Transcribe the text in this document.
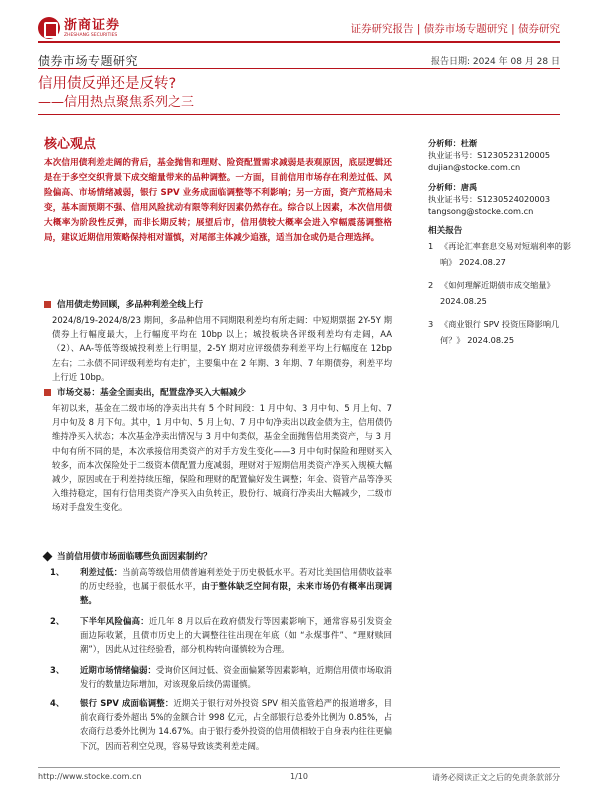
浙商证券
ZHESHANG SECURITIES	证券研究报告 | 债券市场专题研究 | 债券研究
债券市场专题研究	报告日期: 2024 年 08 月 28 日
信用债反弹还是反转?
——信用热点聚焦系列之三
核心观点
本次信用债利差走阔的背后，基金抛售和理财、险资配置需求减弱是表观原因，底层逻辑还是在于多空交织背景下成交缩量带来的品种调整。一方面，目前信用市场存在利差过低、风险偏高、市场情绪减弱，银行 SPV 业务成面临调整等不利影响；另一方面，资产荒格局未变，基本面预期不强、信用风险扰动有限等利好因素仍然存在。综合以上因素，本次信用债大概率为阶段性反弹，而非长期反转；展望后市，信用债较大概率会进入窄幅震荡调整格局，建议近期信用策略保持相对谨慎，对尾部主体减少追涨，适当加仓或仍是合理选择。
信用债走势回顾，多品种利差全线上行
2024/8/19-2024/8/23 期间，多品种信用不同期限利差均有所走阔：中短期票据 2Y-5Y 期债券上行幅度最大，上行幅度平均在 10bp 以上；城投板块各评级利差均有走阔，AA（2）、AA-等低等级城投利差上行明显，2-5Y 期对应评级债券利差平均上行幅度在 12bp 左右；二永债不同评级利差均有走扩，主要集中在 2 年期、3 年期、7 年期债券，利差平均上行近 10bp。
市场交易：基金全面卖出，配置盘净买入大幅减少
年初以来，基金在二级市场的净卖出共有 5 个时间段：1 月中旬、3 月中旬、5 月上旬、7 月中旬及 8 月下旬。其中，1 月中旬、5 月上旬、7 月中旬净卖出以政金债为主，信用债仍维持净买入状态；本次基金净卖出情况与 3 月中旬类似，基金全面抛售信用类资产，与 3 月中旬有所不同的是，本次承接信用类资产的对手方发生变化——3 月中旬时保险和理财买入较多，而本次保险处于二级资本债配置力度减弱，理财对于短期信用类资产净买入规模大幅减少，原因或在于利差持续压缩，保险和理财的配置偏好发生调整；年金、资管产品等净买入维持稳定，国有行信用类资产净买入由负转正，股份行、城商行净卖出大幅减少，二级市场对手盘发生变化。
当前信用债市场面临哪些负面因素制约？
1、	利差过低：当前高等级信用债普遍利差处于历史极低水平。若对比美国信用债收益率的历史经验，也属于很低水平，由于整体缺乏空间有限，未来市场仍有概率出现调整。
2、	下半年风险偏高：近几年 8 月以后在政府债发行等因素影响下，通常容易引发资金面边际收紧，且债市历史上的大调整往往出现在年底（如 “永煤事件”、“理财赎回潮”），因此从过往经验看，部分机构转向谨慎较为合理。
3、	近期市场情绪偏弱：受询价区间过低、资金面偏紧等因素影响，近期信用债市场取消发行的数量边际增加，对该现象后续仍需谨慎。
4、	银行 SPV 成面临调整：近期关于银行对外投资 SPV 相关监管趋严的报道增多，目前农商行委外超出 5%的金额合计 998 亿元，占全部银行总委外比例为 0.85%，占农商行总委外比例为 14.67%。由于银行委外投资的信用债相较于自身表内往往更偏下沉，因而若利空兑现，容易导致该类利差走阔。
分析师：杜渐
执业证书号：S1230523120005
dujian@stocke.com.cn
分析师：唐禹
执业证书号：S1230524020003
tangsong@stocke.com.cn
相关报告
1 《再论汇率套息交易对短端利率的影响》 2024.08.27
2 《如何理解近期债市成交缩量》 2024.08.25
3 《商业银行 SPV 投资压降影响几何？》 2024.08.25
http://www.stocke.com.cn	1/10	请务必阅读正文之后的免责条款部分
